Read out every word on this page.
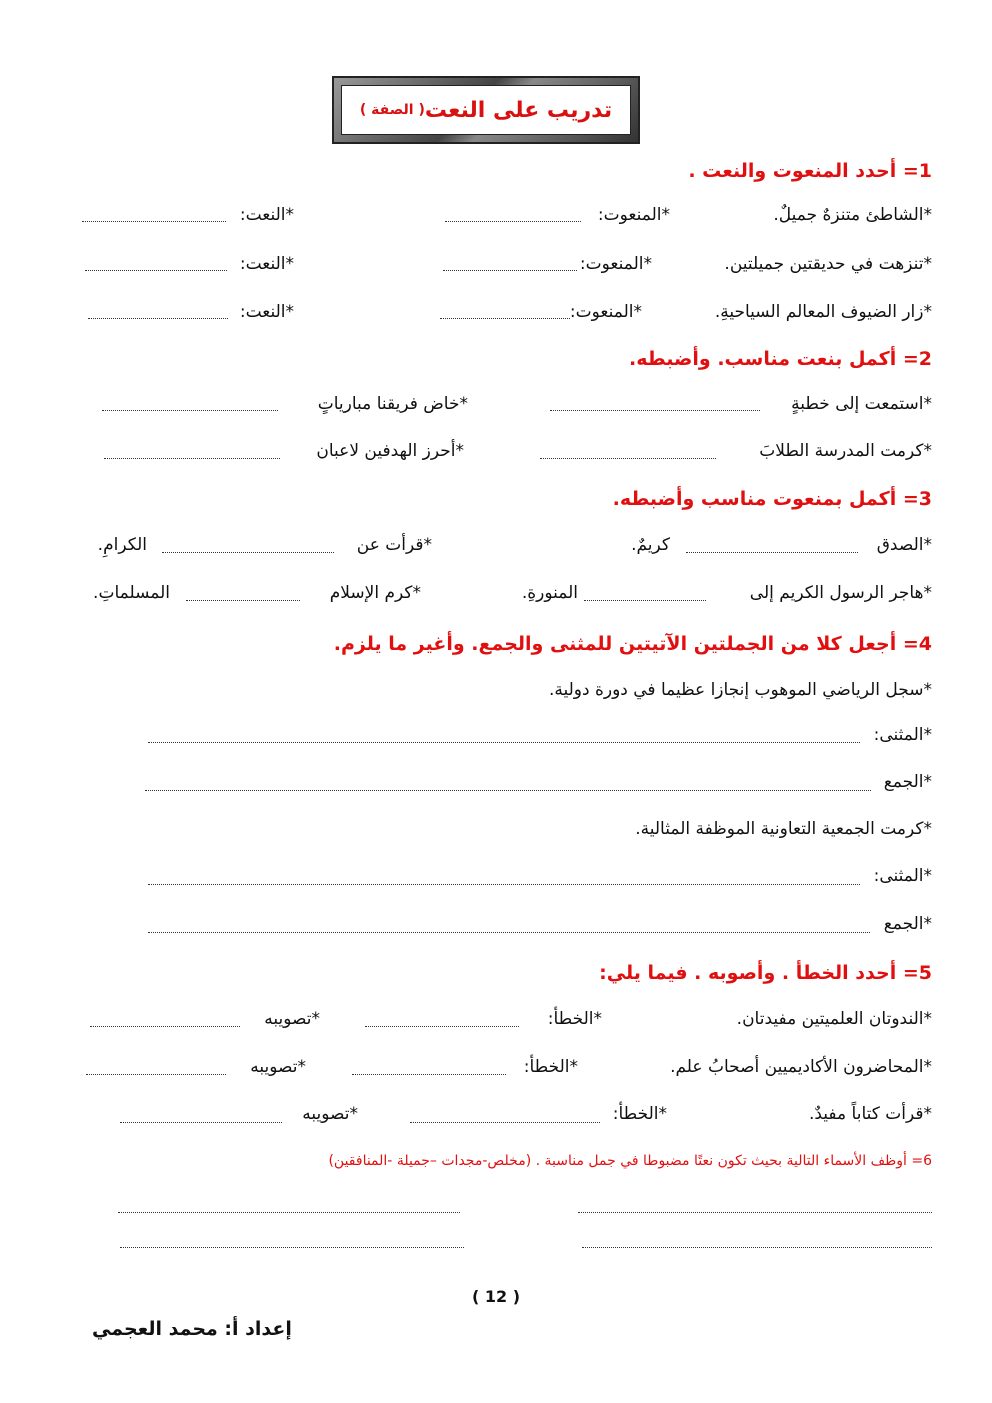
تدريب على النعت
( الصفة )
1= أحدد المنعوت والنعت .
*الشاطئ متنزهٌ جميلٌ.
*المنعوت:
*النعت:
*تنزهت في حديقتين جميلتين.
*المنعوت:
*النعت:
*زار الضيوف المعالم السياحيةِ.
*المنعوت:
*النعت:
2= أكمل بنعت مناسب. وأضبطه.
*استمعت إلى خطبةٍ
*خاض فريقنا مبارياتٍ
*كرمت المدرسة الطلابَ
*أحرز الهدفين لاعبان
3= أكمل بمنعوت مناسب وأضبطه.
*الصدق
كريمٌ.
*قرأت عن
الكرامِ.
*هاجر الرسول الكريم إلى
المنورةِ.
*كرم الإسلام
المسلماتِ.
4= أجعل كلا من الجملتين الآتيتين للمثنى والجمع. وأغير ما يلزم.
*سجل الرياضي الموهوب إنجازا عظيما في دورة دولية.
*المثنى:
*الجمع
*كرمت الجمعية التعاونية الموظفة المثالية.
*المثنى:
*الجمع
5= أحدد الخطأ . وأصوبه . فيما يلي:
*الندوتان العلميتين مفيدتان.
*الخطأ:
*تصويبه
*المحاضرون الأكاديميين أصحابُ علم.
*الخطأ:
*تصويبه
*قرأت كتاباً مفيدٌ.
*الخطأ:
*تصويبه
6= أوظف الأسماء التالية بحيث تكون نعتًا مضبوطا في جمل مناسبة . (مخلص-مجدات –جميلة -المنافقين)
( 12 )
إعداد أ: محمد العجمي
